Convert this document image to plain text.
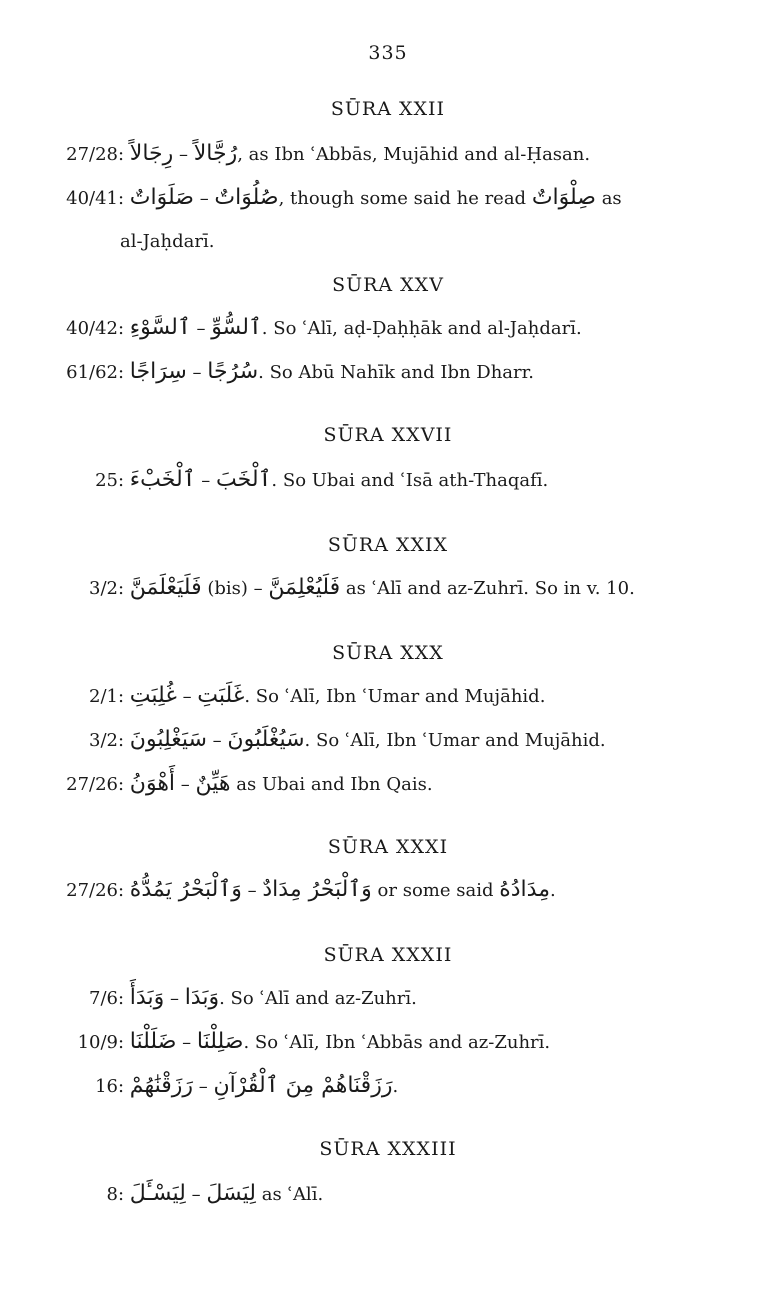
335
SŪRA XXII
27/28: رِجَالاً – رُجَّالاً, as Ibn ʿAbbās, Mujāhid and al-Ḥasan.
40/41: صَلَوَاتٌ – صُلُوَاتٌ, though some said he read صِلْوَاتٌ as
al-Jaḥdarī.
SŪRA XXV
40/42: ٱلسَّوْءِ – ٱلسُّوِّ. So ʿAlī, aḍ-Ḍaḥḥāk and al-Jaḥdarī.
61/62: سِرَاجًا – سُرُجًا. So Abū Nahīk and Ibn Dharr.
SŪRA XXVII
25: ٱلْخَبْءَ – ٱلْخَبَ. So Ubai and ʿIsā ath-Thaqafī.
SŪRA XXIX
3/2: فَلَيَعْلَمَنَّ (bis) – فَلَيُعْلِمَنَّ as ʿAlī and az-Zuhrī. So in v. 10.
SŪRA XXX
2/1: غُلِبَتِ – غَلَبَتِ. So ʿAlī, Ibn ʿUmar and Mujāhid.
3/2: سَيَغْلِبُونَ – سَيُغْلَبُونَ. So ʿAlī, Ibn ʿUmar and Mujāhid.
27/26: أَهْوَنُ – هَيِّنٌ as Ubai and Ibn Qais.
SŪRA XXXI
27/26: وَٱلْبَحْرُ يَمُدُّهُ – وَٱلْبَحْرُ مِدَادٌ or some said مِدَادُهُ.
SŪRA XXXII
7/6: وَبَدَأَ – وَبَدَا. So ʿAlī and az-Zuhrī.
10/9: ضَلَلْنَا – صَلِلْنَا. So ʿAlī, Ibn ʿAbbās and az-Zuhrī.
16: رَزَقْنَٰهُمْ – رَزَقْنَاهُمْ مِنَ ٱلْقُرْآنِ.
SŪRA XXXIII
8: لِيَسْـَٔلَ – لِيَسَلَ as ʿAlī.
